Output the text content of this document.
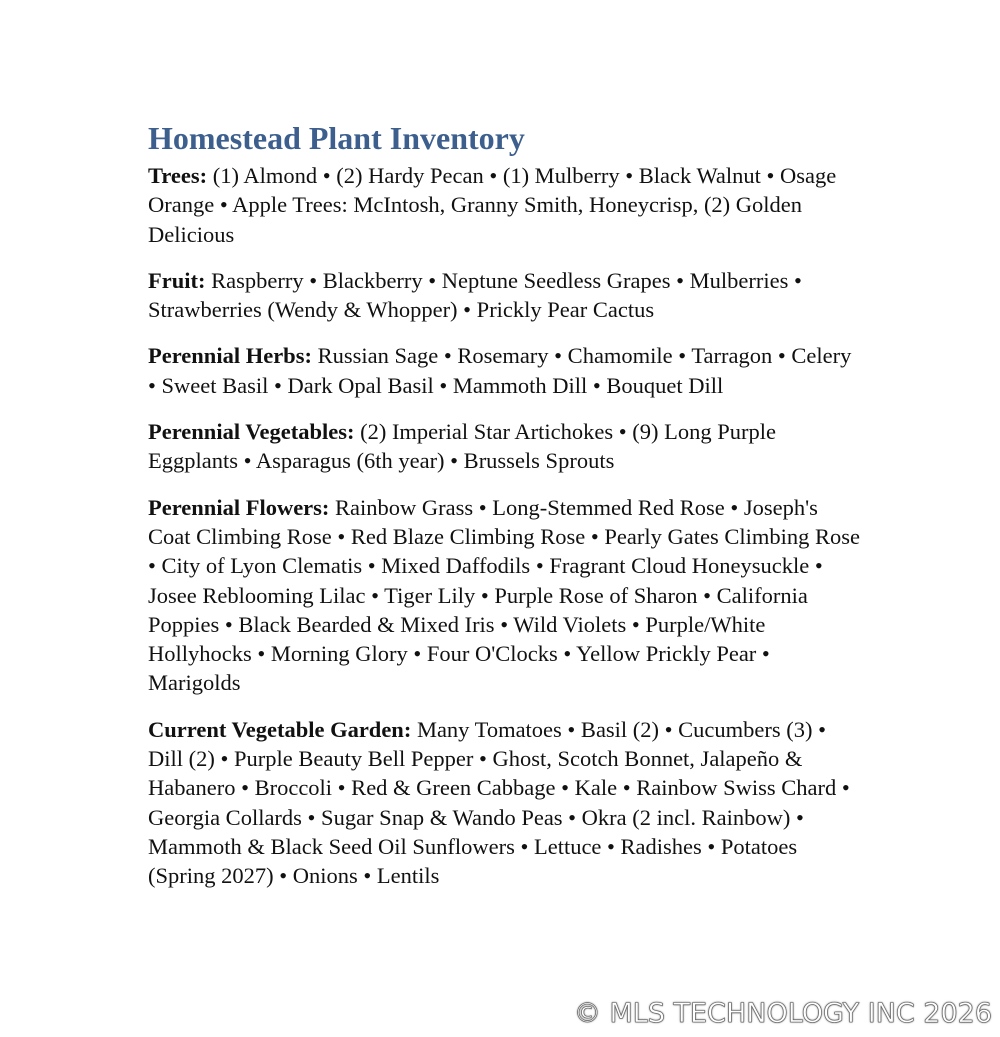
Homestead Plant Inventory

Trees: (1) Almond • (2) Hardy Pecan • (1) Mulberry • Black Walnut • Osage Orange • Apple Trees: McIntosh, Granny Smith, Honeycrisp, (2) Golden Delicious

Fruit: Raspberry • Blackberry • Neptune Seedless Grapes • Mulberries • Strawberries (Wendy & Whopper) • Prickly Pear Cactus

Perennial Herbs: Russian Sage • Rosemary • Chamomile • Tarragon • Celery • Sweet Basil • Dark Opal Basil • Mammoth Dill • Bouquet Dill

Perennial Vegetables: (2) Imperial Star Artichokes • (9) Long Purple Eggplants • Asparagus (6th year) • Brussels Sprouts

Perennial Flowers: Rainbow Grass • Long-Stemmed Red Rose • Joseph's Coat Climbing Rose • Red Blaze Climbing Rose • Pearly Gates Climbing Rose • City of Lyon Clematis • Mixed Daffodils • Fragrant Cloud Honeysuckle • Josee Reblooming Lilac • Tiger Lily • Purple Rose of Sharon • California Poppies • Black Bearded & Mixed Iris • Wild Violets • Purple/White Hollyhocks • Morning Glory • Four O'Clocks • Yellow Prickly Pear • Marigolds

Current Vegetable Garden: Many Tomatoes • Basil (2) • Cucumbers (3) • Dill (2) • Purple Beauty Bell Pepper • Ghost, Scotch Bonnet, Jalapeño & Habanero • Broccoli • Red & Green Cabbage • Kale • Rainbow Swiss Chard • Georgia Collards • Sugar Snap & Wando Peas • Okra (2 incl. Rainbow) • Mammoth & Black Seed Oil Sunflowers • Lettuce • Radishes • Potatoes (Spring 2027) • Onions • Lentils

© MLS TECHNOLOGY INC 2026
